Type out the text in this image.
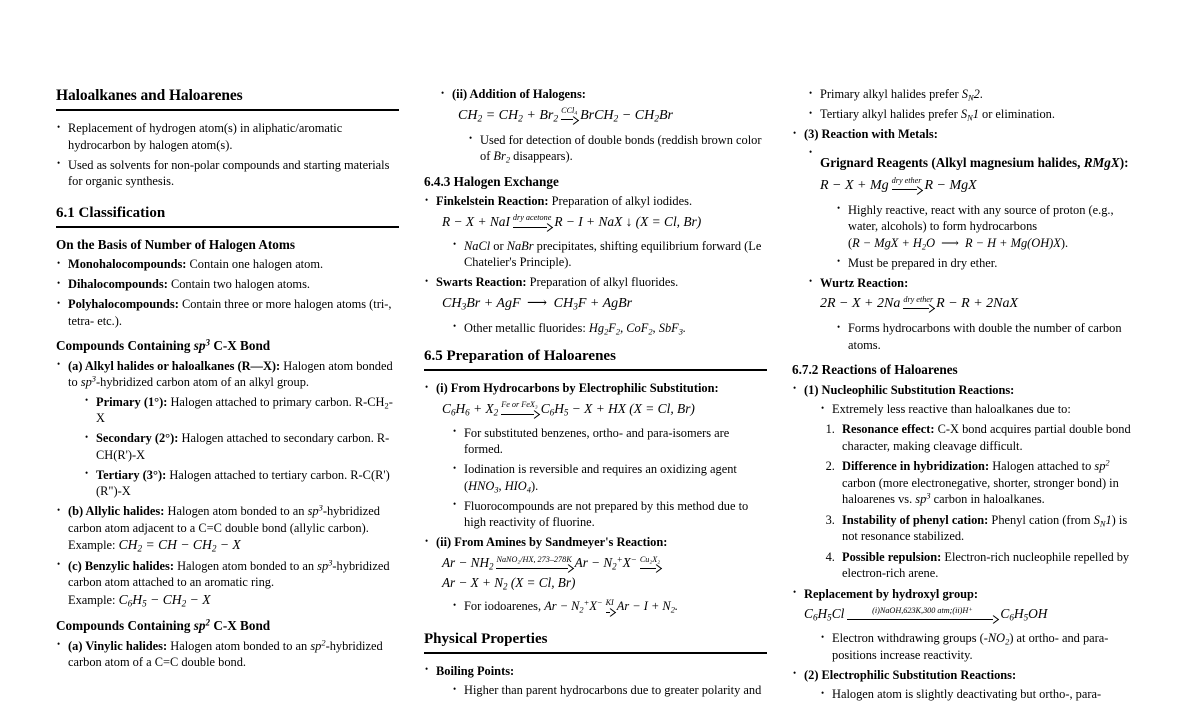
Haloalkanes and Haloarenes
• Replacement of hydrogen atom(s) in aliphatic/aromatic hydrocarbon by halogen atom(s).
• Used as solvents for non-polar compounds and starting materials for organic synthesis.
6.1 Classification
On the Basis of Number of Halogen Atoms
• Monohalocompounds: Contain one halogen atom.
• Dihalocompounds: Contain two halogen atoms.
• Polyhalocompounds: Contain three or more halogen atoms (tri-, tetra- etc.).
Compounds Containing $sp^3$ C-X Bond
• (a) Alkyl halides or haloalkanes (R—X): Halogen atom bonded to $sp^3$-hybridized carbon atom of an alkyl group.
• Primary (1°): Halogen attached to primary carbon. $R-CH_2-X$
• Secondary (2°): Halogen attached to secondary carbon. R-CH(R')-X
• Tertiary (3°): Halogen attached to tertiary carbon. R-C(R')(R")-X
• (b) Allylic halides: Halogen atom bonded to an $sp^3$-hybridized carbon atom adjacent to a C=C double bond (allylic carbon).
Example: $CH_2$ = CH − $CH_2 - X$
• (c) Benzylic halides: Halogen atom bonded to an $sp^3$-hybridized carbon atom attached to an aromatic ring.
Example: $C_6H_5 - CH_2 - X$
Compounds Containing $sp^2$ C-X Bond
• (a) Vinylic halides: Halogen atom bonded to an $sp^2$-hybridized carbon atom of a C=C double bond.
• (ii) Addition of Halogens:
$CH_2 = CH_2 + Br_2$
CCl$_4$ BrCH$_2$ − $CH_2Br$
• Used for detection of double bonds (reddish brown color of $Br_2$ disappears).
6.4.3 Halogen Exchange
• Finkelstein Reaction: Preparation of alkyl iodides.
R − X + NaI dry acetone R − I + NaX ↓ (X = Cl, Br)
• NaCl or NaBr precipitates, shifting equilibrium forward (Le Chatelier's Principle).
• Swarts Reaction: Preparation of alkyl fluorides.
$CH_3Br$ + AgF ⟶ $CH_3F$ + AgBr
• Other metallic fluorides: $Hg_2F_2$, CoF$_2$, SbF$_3$.
6.5 Preparation of Haloarenes
• (i) From Hydrocarbons by Electrophilic Substitution:
$C_6H_6 + X_2$
Fe or FeX₃ $C_6H_5 - X$ + HX (X = Cl, Br)
• For substituted benzenes, ortho- and para-isomers are formed.
• Iodination is reversible and requires an oxidizing agent ($HNO_3$, $HIO_4$).
• Fluorocompounds are not prepared by this method due to high reactivity of fluorine.
• (ii) From Amines by Sandmeyer's Reaction:
$Ar - NH_2$
NaNO₂/HX, 273–278K $Ar - N_2^+X^-$ Cu₂X₂

$Ar - X + N_2$ (X = Cl, Br)
• For iodoarenes, $Ar - N_2^+X^-$ KI $Ar - I + N_2$.
Physical Properties
• Boiling Points:
• Higher than parent hydrocarbons due to greater polarity and
• Primary alkyl halides prefer $S_N2$.
• Tertiary alkyl halides prefer $S_N1$ or elimination.
• (3) Reaction with Metals:
• Grignard Reagents (Alkyl magnesium halides, RMgX):
R − X + Mg dry ether R − MgX
• Highly reactive, react with any source of proton (e.g., water, alcohols) to form hydrocarbons (R − MgX + $H_2O$ ⟶ R − H + Mg(OH)X).
• Must be prepared in dry ether.
• Wurtz Reaction:
2R − X + 2Na dry ether R − R + 2NaX
• Forms hydrocarbons with double the number of carbon atoms.
6.7.2 Reactions of Haloarenes
• (1) Nucleophilic Substitution Reactions:
• Extremely less reactive than haloalkanes due to:
1. Resonance effect: C-X bond acquires partial double bond character, making cleavage difficult.
2. Difference in hybridization: Halogen attached to $sp^2$ carbon (more electronegative, shorter, stronger bond) in haloarenes vs. $sp^3$ carbon in haloalkanes.
3. Instability of phenyl cation: Phenyl cation (from $S_N1$) is not resonance stabilized.
4. Possible repulsion: Electron-rich nucleophile repelled by electron-rich arene.
• Replacement by hydroxyl group:
$C_6H_5Cl$	(i)NaOH,623K,300 atm;(ii)H⁺	$C_6H_5OH$
• Electron withdrawing groups $(-NO_2)$ at ortho- and para-positions increase reactivity.
• (2) Electrophilic Substitution Reactions:
• Halogen atom is slightly deactivating but ortho-, para-
